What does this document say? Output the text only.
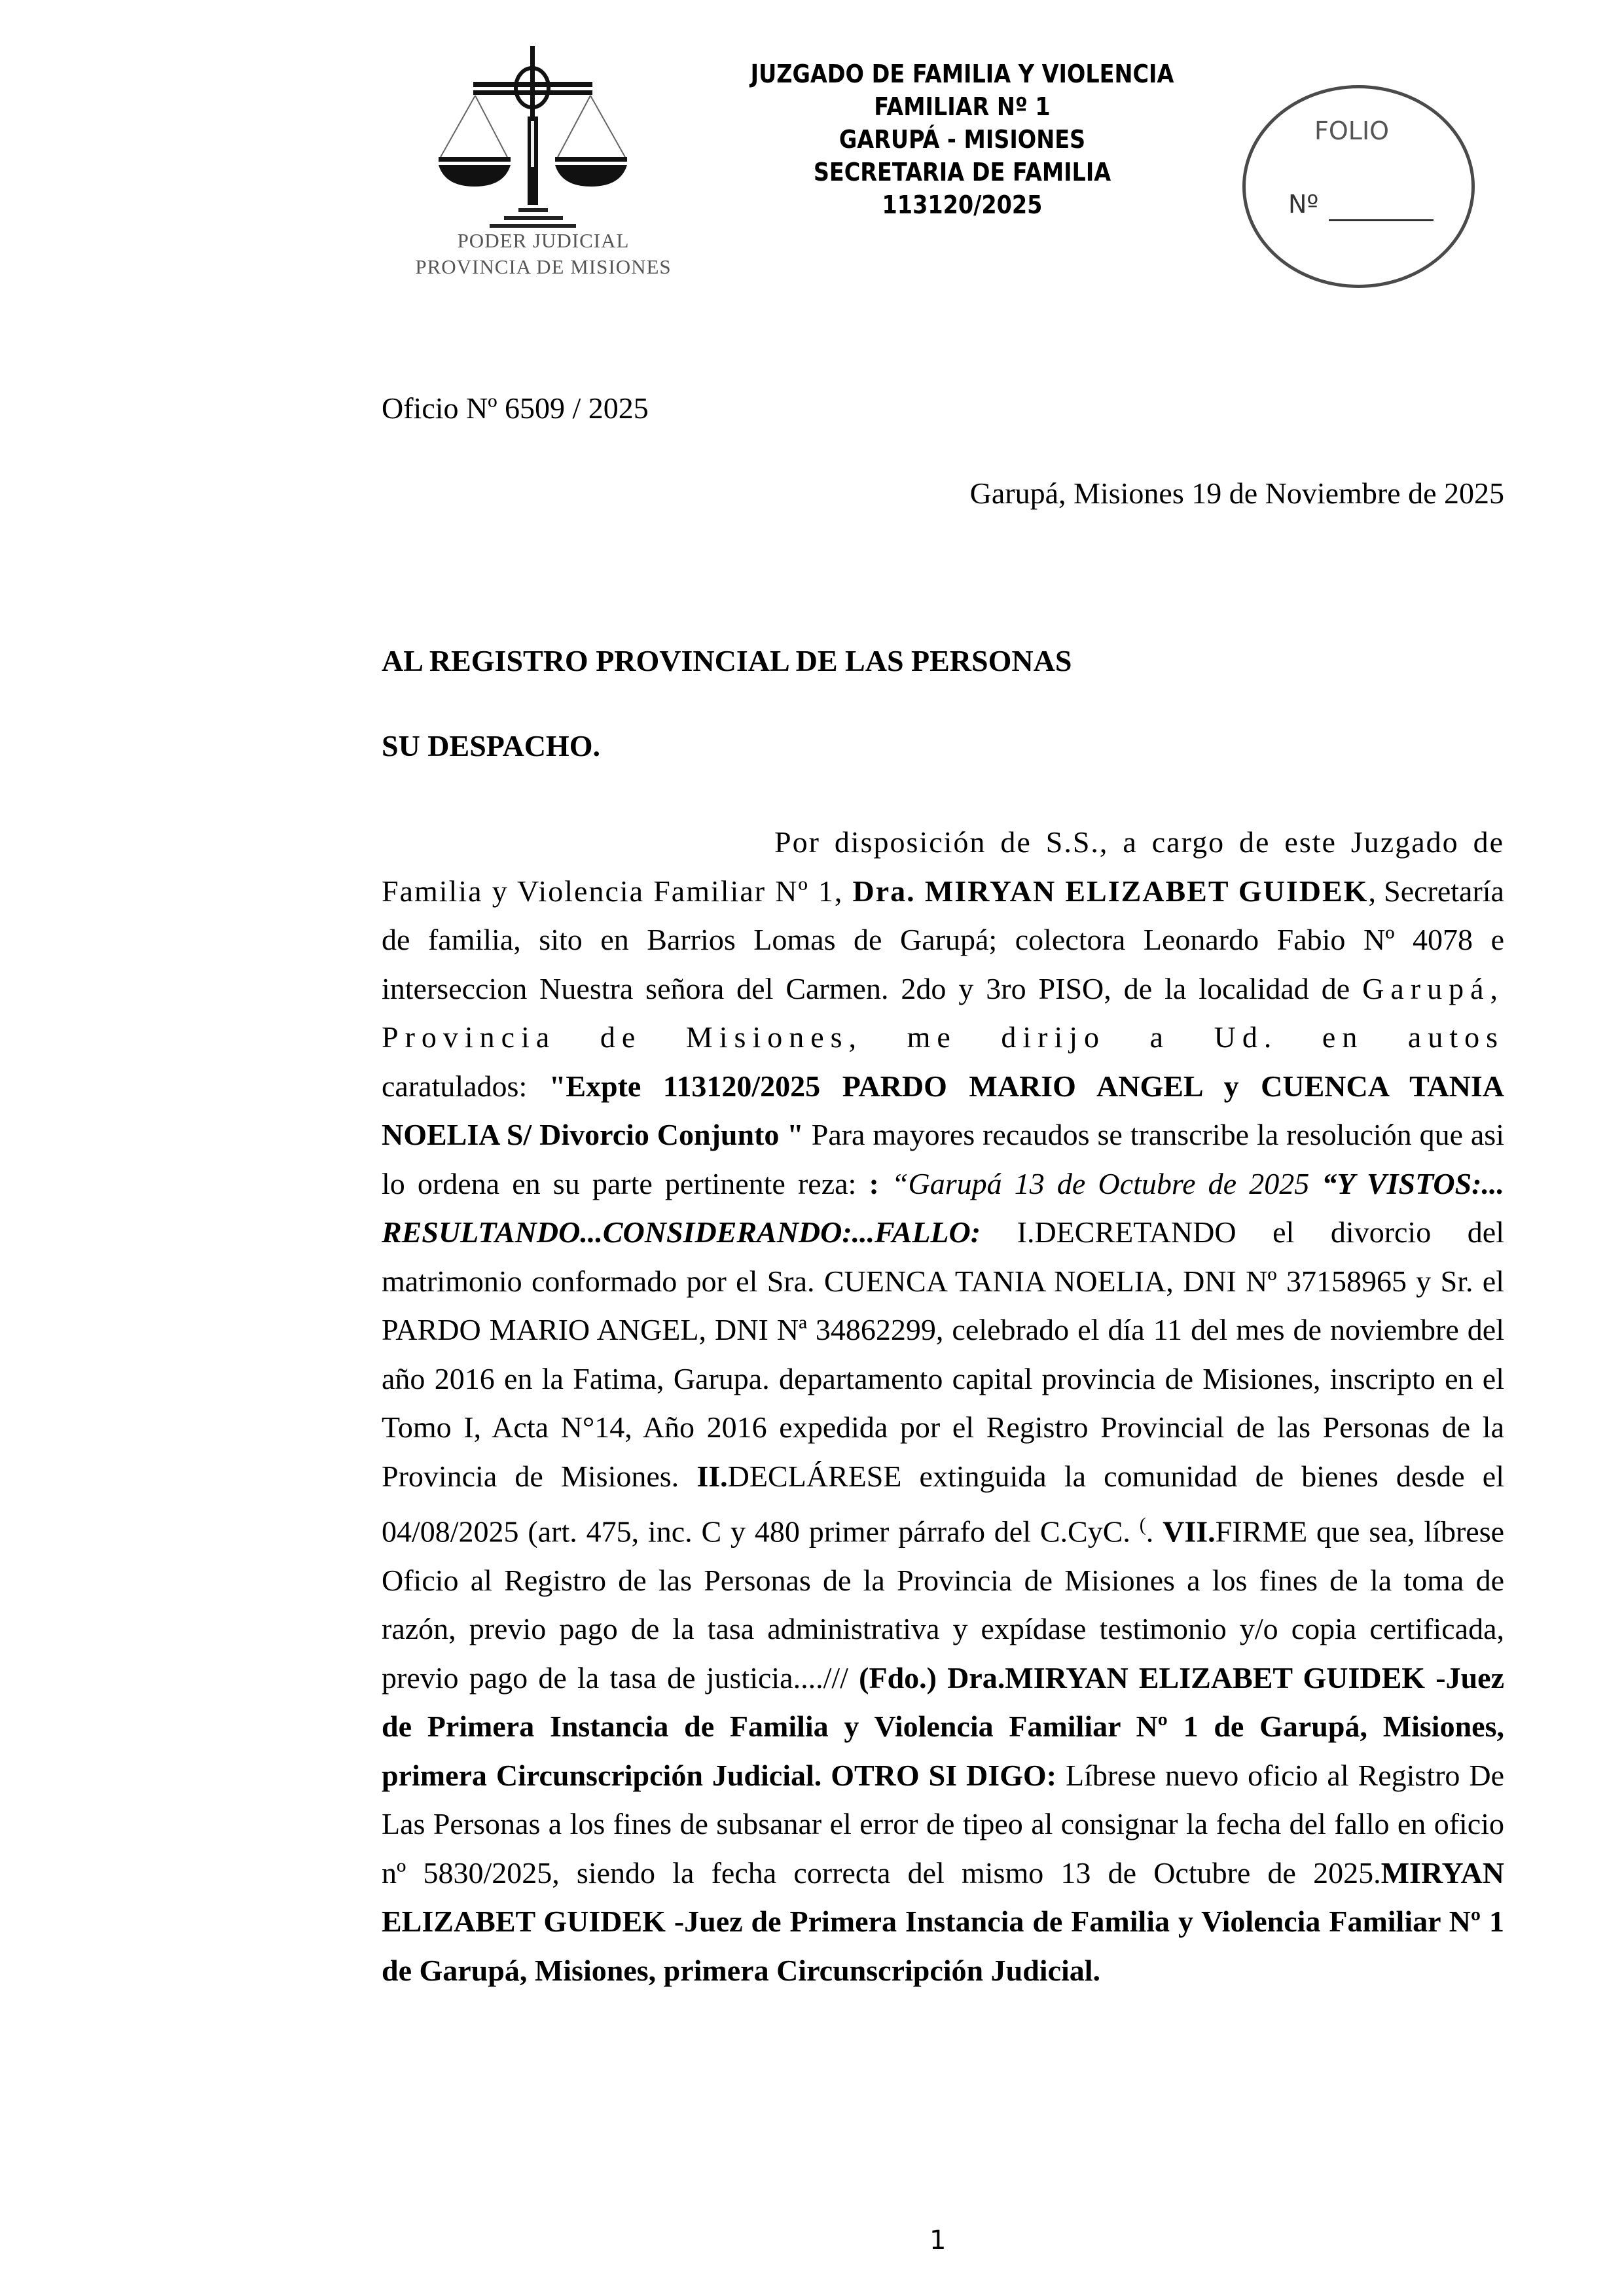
PODER JUDICIAL
PROVINCIA DE MISIONES
JUZGADO DE FAMILIA Y VIOLENCIA
FAMILIAR Nº 1
GARUPÁ - MISIONES
SECRETARIA DE FAMILIA
113120/2025
FOLIO
Nº
Oficio Nº 6509 / 2025
Garupá, Misiones 19 de Noviembre de 2025
AL REGISTRO PROVINCIAL DE LAS PERSONAS
SU DESPACHO.
Por disposición de S.S., a cargo de este Juzgado de Familia y Violencia Familiar Nº 1, Dra. MIRYAN ELIZABET GUIDEK, Secretaría de familia, sito en Barrios Lomas de Garupá; colectora Leonardo Fabio Nº 4078 e interseccion Nuestra señora del Carmen. 2do y 3ro PISO, de la localidad de Garupá, Provincia de Misiones, me dirijo a Ud. en autos caratulados: "Expte 113120/2025 PARDO MARIO ANGEL y CUENCA TANIA NOELIA S/ Divorcio Conjunto " Para mayores recaudos se transcribe la resolución que asi lo ordena en su parte pertinente reza: : “Garupá 13 de Octubre de 2025 “Y VISTOS:... RESULTANDO...CONSIDERANDO:...FALLO: I.DECRETANDO el divorcio del matrimonio conformado por el Sra. CUENCA TANIA NOELIA, DNI Nº 37158965 y Sr. el PARDO MARIO ANGEL, DNI Nª 34862299, celebrado el día 11 del mes de noviembre del año 2016 en la Fatima, Garupa. departamento capital provincia de Misiones, inscripto en el Tomo I, Acta N°14, Año 2016 expedida por el Registro Provincial de las Personas de la Provincia de Misiones. II.DECLÁRESE extinguida la comunidad de bienes desde el 04/08/2025 (art. 475, inc. C y 480 primer párrafo del C.CyC. (. VII.FIRME que sea, líbrese Oficio al Registro de las Personas de la Provincia de Misiones a los fines de la toma de razón, previo pago de la tasa administrativa y expídase testimonio y/o copia certificada, previo pago de la tasa de justicia..../// (Fdo.) Dra.MIRYAN ELIZABET GUIDEK -Juez de Primera Instancia de Familia y Violencia Familiar Nº 1 de Garupá, Misiones, primera Circunscripción Judicial. OTRO SI DIGO: Líbrese nuevo oficio al Registro De Las Personas a los fines de subsanar el error de tipeo al consignar la fecha del fallo en oficio nº 5830/2025, siendo la fecha correcta del mismo 13 de Octubre de 2025.MIRYAN ELIZABET GUIDEK -Juez de Primera Instancia de Familia y Violencia Familiar Nº 1 de Garupá, Misiones, primera Circunscripción Judicial.
1
